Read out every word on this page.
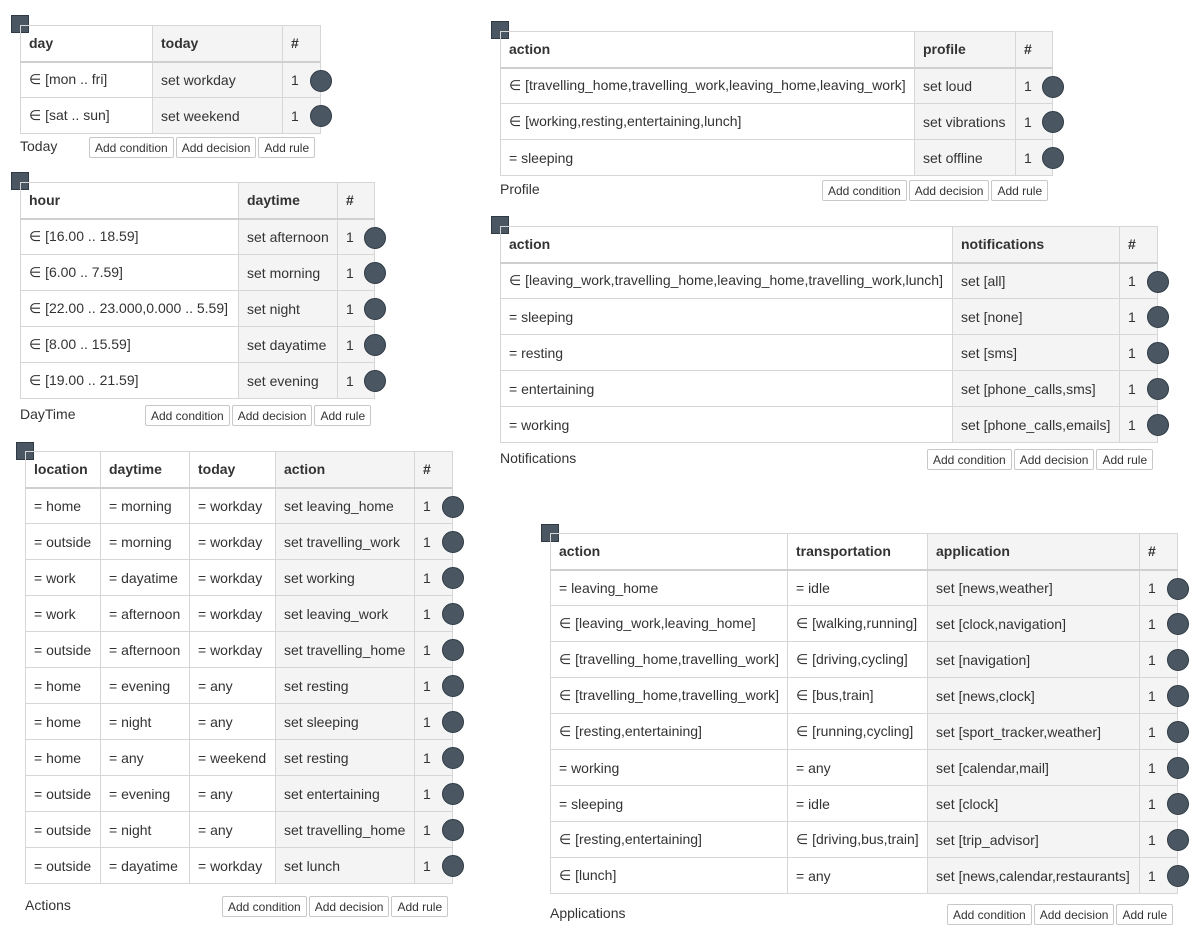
day	today	#
∈ [mon .. fri]	set workday	1

∈ [sat .. sun]	set weekend	1
Today	Add condition	Add decision	Add rule
hour	daytime	#
∈ [16.00 .. 18.59]	set afternoon	1

∈ [6.00 .. 7.59]	set morning	1

∈ [22.00 .. 23.000,0.000 .. 5.59]	set night	1

∈ [8.00 .. 15.59]	set dayatime	1

∈ [19.00 .. 21.59]	set evening	1
DayTime	Add condition	Add decision	Add rule
location	daytime	today	action	#
= home	= morning	= workday	set leaving_home	1

= outside	= morning	= workday	set travelling_work	1

= work	= dayatime	= workday	set working	1

= work	= afternoon	= workday	set leaving_work	1

= outside	= afternoon	= workday	set travelling_home	1

= home	= evening	= any	set resting	1

= home	= night	= any	set sleeping	1

= home	= any	= weekend	set resting	1

= outside	= evening	= any	set entertaining	1

= outside	= night	= any	set travelling_home	1

= outside	= dayatime	= workday	set lunch	1
Actions	Add condition	Add decision	Add rule
action	profile	#
∈ [travelling_home,travelling_work,leaving_home,leaving_work]	set loud	1

∈ [working,resting,entertaining,lunch]	set vibrations	1

= sleeping	set offline	1
Profile	Add condition	Add decision	Add rule
action	notifications	#
∈ [leaving_work,travelling_home,leaving_home,travelling_work,lunch]	set [all]	1

= sleeping	set [none]	1

= resting	set [sms]	1

= entertaining	set [phone_calls,sms]	1

= working	set [phone_calls,emails]	1
Notifications	Add condition	Add decision	Add rule
action	transportation	application	#
= leaving_home	= idle	set [news,weather]	1

∈ [leaving_work,leaving_home]	∈ [walking,running]	set [clock,navigation]	1

∈ [travelling_home,travelling_work]	∈ [driving,cycling]	set [navigation]	1

∈ [travelling_home,travelling_work]	∈ [bus,train]	set [news,clock]	1

∈ [resting,entertaining]	∈ [running,cycling]	set [sport_tracker,weather]	1

= working	= any	set [calendar,mail]	1

= sleeping	= idle	set [clock]	1

∈ [resting,entertaining]	∈ [driving,bus,train]	set [trip_advisor]	1

∈ [lunch]	= any	set [news,calendar,restaurants]	1
Applications	Add condition	Add decision	Add rule
